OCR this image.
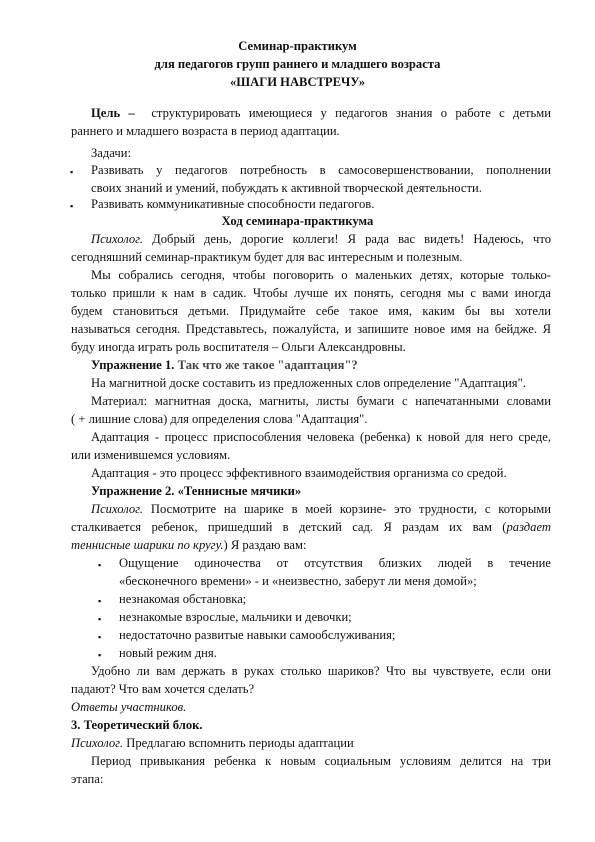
Семинар-практикум
для педагогов групп раннего и младшего возраста
«ШАГИ НАВСТРЕЧУ»
Цель – структурировать имеющиеся у педагогов знания о работе с детьми
раннего и младшего возраста в период адаптации.
Задачи:
▪ Развивать у педагогов потребность в самосовершенствовании, пополнении
своих знаний и умений, побуждать к активной творческой деятельности.
▪ Развивать коммуникативные способности педагогов.
Ход семинара-практикума
Психолог. Добрый день, дорогие коллеги! Я рада вас видеть! Надеюсь, что
сегодняшний семинар-практикум будет для вас интересным и полезным.
Мы собрались сегодня, чтобы поговорить о маленьких детях, которые только-
только пришли к нам в садик. Чтобы лучше их понять, сегодня мы с вами иногда
будем становиться детьми. Придумайте себе такое имя, каким бы вы хотели
называться сегодня. Представьтесь, пожалуйста, и запишите новое имя на бейдже. Я
буду иногда играть роль воспитателя – Ольги Александровны.
Упражнение 1. Так что же такое "адаптация"?
На магнитной доске составить из предложенных слов определение "Адаптация".
Материал: магнитная доска, магниты, листы бумаги с напечатанными словами
( + лишние слова) для определения слова "Адаптация".
Адаптация - процесс приспособления человека (ребенка) к новой для него среде,
или изменившемся условиям.
Адаптация - это процесс эффективного взаимодействия организма со средой.
Упражнение 2. «Теннисные мячики»
Психолог. Посмотрите на шарике в моей корзине- это трудности, с которыми
сталкивается ребенок, пришедший в детский сад. Я раздам их вам (раздает
теннисные шарики по кругу.) Я раздаю вам:
▪ Ощущение одиночества от отсутствия близких людей в течение
«бесконечного времени» - и «неизвестно, заберут ли меня домой»;
▪ незнакомая обстановка;
▪ незнакомые взрослые, мальчики и девочки;
▪ недостаточно развитые навыки самообслуживания;
▪ новый режим дня.
Удобно ли вам держать в руках столько шариков? Что вы чувствуете, если они
падают? Что вам хочется сделать?
Ответы участников.
3. Теоретический блок.
Психолог. Предлагаю вспомнить периоды адаптации
Период привыкания ребенка к новым социальным условиям делится на три
этапа:
